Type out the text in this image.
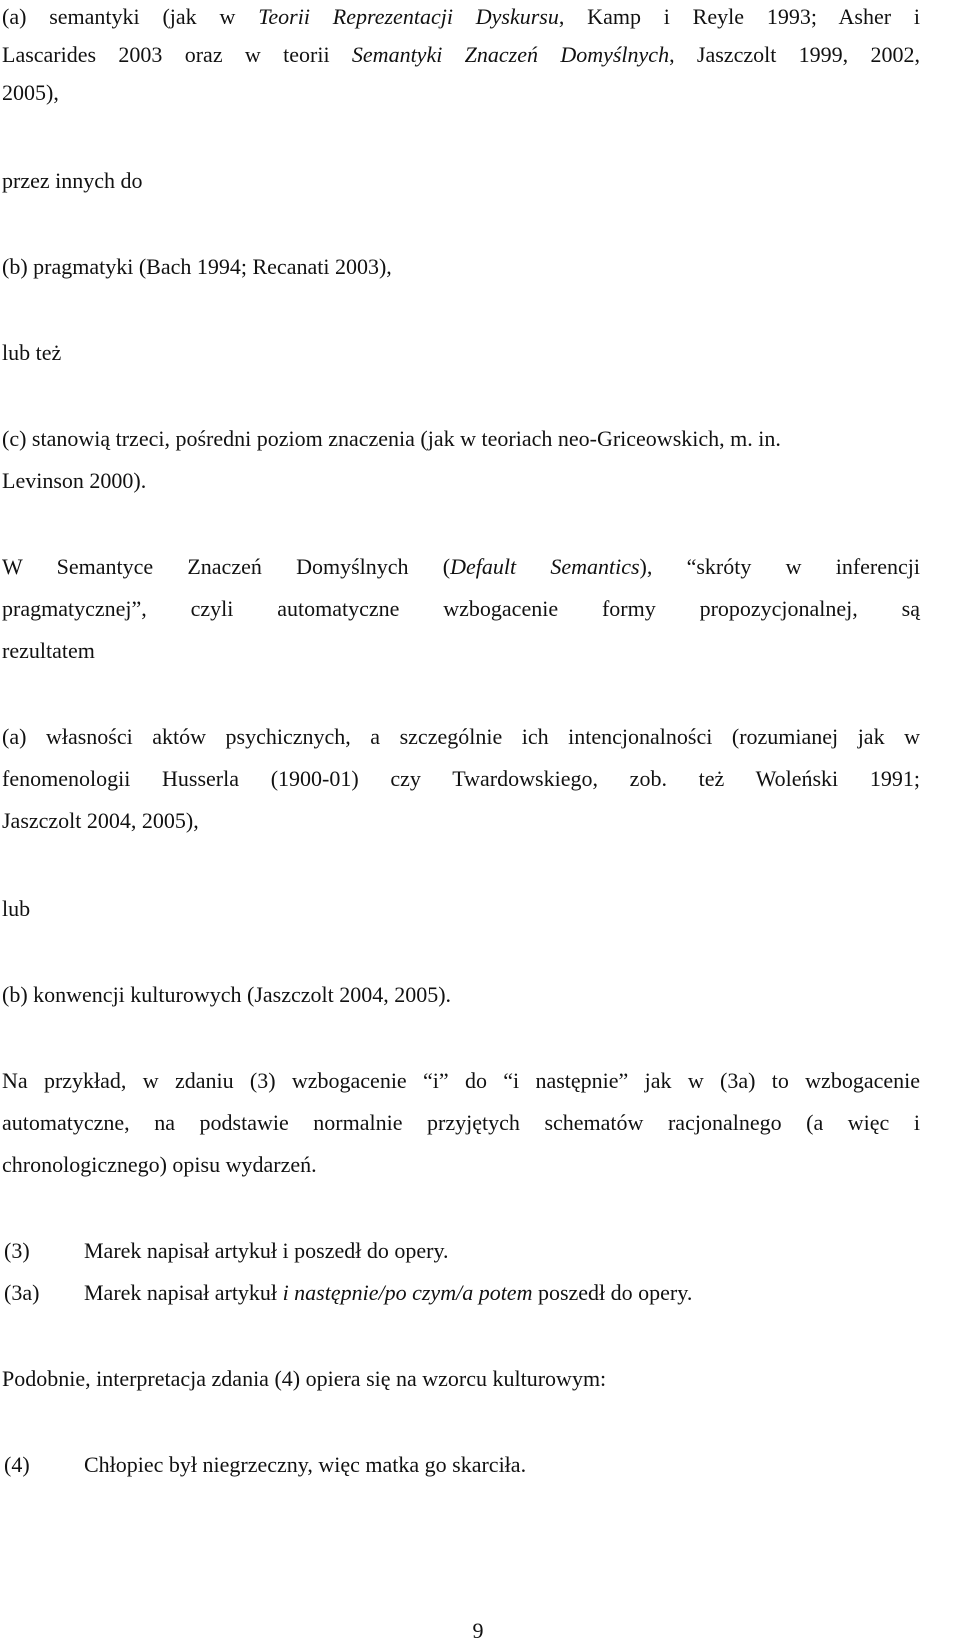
(a) semantyki (jak w Teorii Reprezentacji Dyskursu, Kamp i Reyle 1993; Asher i
Lascarides 2003 oraz w teorii Semantyki Znaczeń Domyślnych, Jaszczolt 1999, 2002,
2005),
przez innych do
(b) pragmatyki (Bach 1994; Recanati 2003),
lub też
(c) stanowią trzeci, pośredni poziom znaczenia (jak w teoriach neo-Griceowskich, m. in.
Levinson 2000).
W Semantyce Znaczeń Domyślnych (Default Semantics), “skróty w inferencji
pragmatycznej”, czyli automatyczne wzbogacenie formy propozycjonalnej, są
rezultatem
(a) własności aktów psychicznych, a szczególnie ich intencjonalności (rozumianej jak w
fenomenologii Husserla (1900-01) czy Twardowskiego, zob. też Woleński 1991;
Jaszczolt 2004, 2005),
lub
(b) konwencji kulturowych (Jaszczolt 2004, 2005).
Na przykład, w zdaniu (3) wzbogacenie “i” do “i następnie” jak w (3a) to wzbogacenie
automatyczne, na podstawie normalnie przyjętych schematów racjonalnego (a więc i
chronologicznego) opisu wydarzeń.
(3) Marek napisał artykuł i poszedł do opery.
(3a) Marek napisał artykuł i następnie/po czym/a potem poszedł do opery.
Podobnie, interpretacja zdania (4) opiera się na wzorcu kulturowym:
(4) Chłopiec był niegrzeczny, więc matka go skarciła.
9
